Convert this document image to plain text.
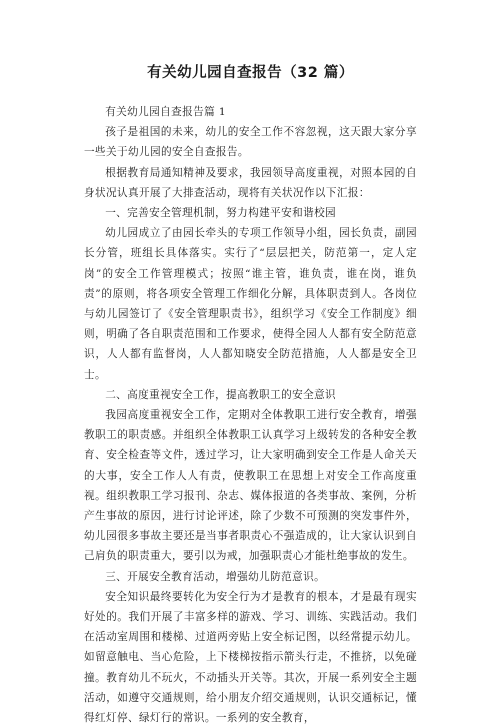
有关幼儿园自查报告（32 篇）

有关幼儿园自查报告篇 1

孩子是祖国的未来，幼儿的安全工作不容忽视，这天跟大家分享一些关于幼儿园的安全自查报告。

根据教育局通知精神及要求，我园领导高度重视，对照本园的自身状况认真开展了大排查活动，现将有关状况作以下汇报：

一、完善安全管理机制，努力构建平安和谐校园

幼儿园成立了由园长牵头的专项工作领导小组，园长负责，副园长分管，班组长具体落实。实行了“层层把关，防范第一，定人定岗”的安全工作管理模式；按照“谁主管，谁负责，谁在岗，谁负责”的原则，将各项安全管理工作细化分解，具体职责到人。各岗位与幼儿园签订了《安全管理职责书》，组织学习《安全工作制度》细则，明确了各自职责范围和工作要求，使得全园人人都有安全防范意识，人人都有监督岗，人人都知晓安全防范措施，人人都是安全卫士。

二、高度重视安全工作，提高教职工的安全意识

我园高度重视安全工作，定期对全体教职工进行安全教育，增强教职工的职责感。并组织全体教职工认真学习上级转发的各种安全教育、安全检查等文件，透过学习，让大家明确到安全工作是人命关天的大事，安全工作人人有责，使教职工在思想上对安全工作高度重视。组织教职工学习报刊、杂志、媒体报道的各类事故、案例，分析产生事故的原因，进行讨论评述，除了少数不可预测的突发事件外，幼儿园很多事故主要还是当事者职责心不强造成的，让大家认识到自己肩负的职责重大，要引以为戒，加强职责心才能杜绝事故的发生。

三、开展安全教育活动，增强幼儿防范意识。

安全知识最终要转化为安全行为才是教育的根本，才是最有现实好处的。我们开展了丰富多样的游戏、学习、训练、实践活动。我们在活动室周围和楼梯、过道两旁贴上安全标记图，以经常提示幼儿。如留意触电、当心危险，上下楼梯按指示箭头行走，不推挤，以免碰撞。教育幼儿不玩火，不动插头开关等。其次，开展一系列安全主题活动，如遵守交通规则，给小朋友介绍交通规则，认识交通标记，懂得红灯停、绿灯行的常识。一系列的安全教育，
